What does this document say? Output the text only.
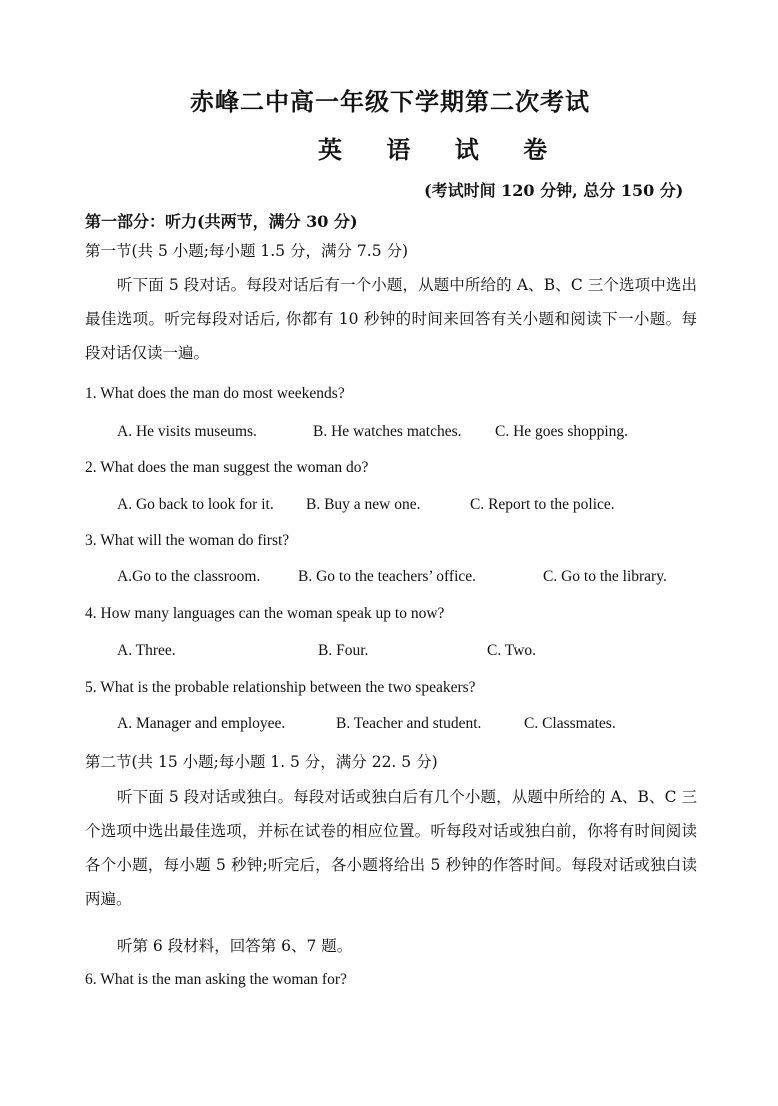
赤峰二中高一年级下学期第二次考试
英 语 试 卷
(考试时间 120 分钟, 总分 150 分)
第一部分：听力(共两节，满分 30 分)
第一节(共 5 小题;每小题 1.5 分，满分 7.5 分)
听下面 5 段对话。每段对话后有一个小题，从题中所给的 A、B、C 三个选项中选出最佳选项。听完每段对话后, 你都有 10 秒钟的时间来回答有关小题和阅读下一小题。每段对话仅读一遍。
1. What does the man do most weekends?
A. He visits museums.	B. He watches matches. C. He goes shopping.
2. What does the man suggest the woman do?
A. Go back to look for it. B. Buy a new one.	C. Report to the police.
3. What will the woman do first?
A.Go to the classroom. B. Go to the teachers’ office.	C. Go to the library.
4. How many languages can the woman speak up to now?
A. Three.	B. Four.	C. Two.
5. What is the probable relationship between the two speakers?
A. Manager and employee.	B. Teacher and student.	C. Classmates.
第二节(共 15 小题;每小题 1. 5 分，满分 22. 5 分)
听下面 5 段对话或独白。每段对话或独白后有几个小题，从题中所给的 A、B、C 三个选项中选出最佳选项，并标在试卷的相应位置。听每段对话或独白前，你将有时间阅读各个小题，每小题 5 秒钟;听完后，各小题将给出 5 秒钟的作答时间。每段对话或独白读两遍。
听第 6 段材料，回答第 6、7 题。
6. What is the man asking the woman for?
